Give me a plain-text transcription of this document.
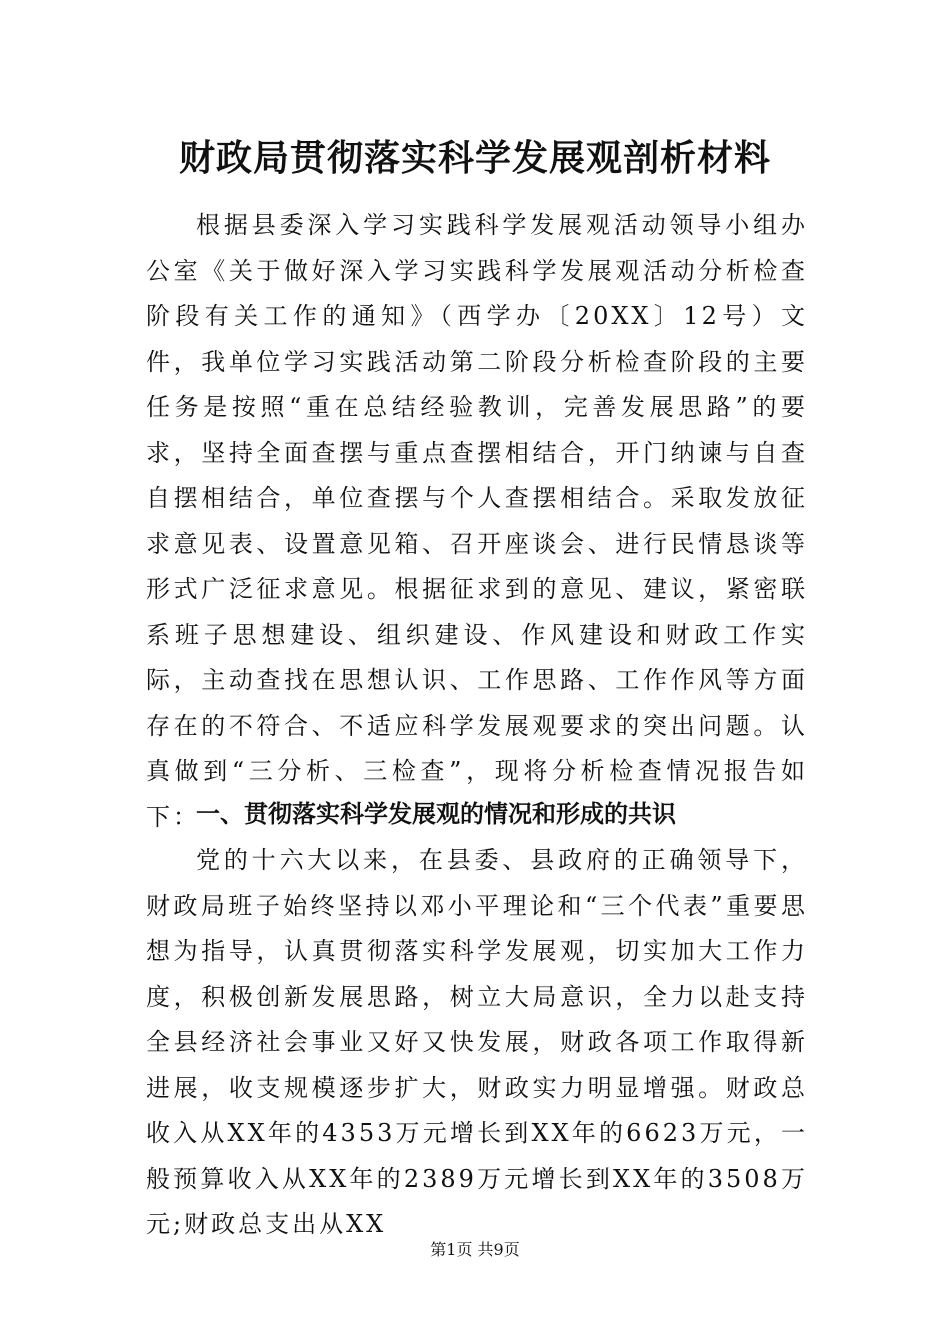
财政局贯彻落实科学发展观剖析材料

根据县委深入学习实践科学发展观活动领导小组办公室《关于做好深入学习实践科学发展观活动分析检查阶段有关工作的通知》（西学办〔20XX〕12号）文件，我单位学习实践活动第二阶段分析检查阶段的主要任务是按照“重在总结经验教训，完善发展思路”的要求，坚持全面查摆与重点查摆相结合，开门纳谏与自查自摆相结合，单位查摆与个人查摆相结合。采取发放征求意见表、设置意见箱、召开座谈会、进行民情恳谈等形式广泛征求意见。根据征求到的意见、建议，紧密联系班子思想建设、组织建设、作风建设和财政工作实际，主动查找在思想认识、工作思路、工作作风等方面存在的不符合、不适应科学发展观要求的突出问题。认真做到“三分析、三检查”，现将分析检查情况报告如下：

一、贯彻落实科学发展观的情况和形成的共识

党的十六大以来，在县委、县政府的正确领导下，财政局班子始终坚持以邓小平理论和“三个代表”重要思想为指导，认真贯彻落实科学发展观，切实加大工作力度，积极创新发展思路，树立大局意识，全力以赴支持全县经济社会事业又好又快发展，财政各项工作取得新进展，收支规模逐步扩大，财政实力明显增强。财政总收入从XX年的4353万元增长到XX年的6623万元，一般预算收入从XX年的2389万元增长到XX年的3508万元;财政总支出从XX

第1页 共9页
